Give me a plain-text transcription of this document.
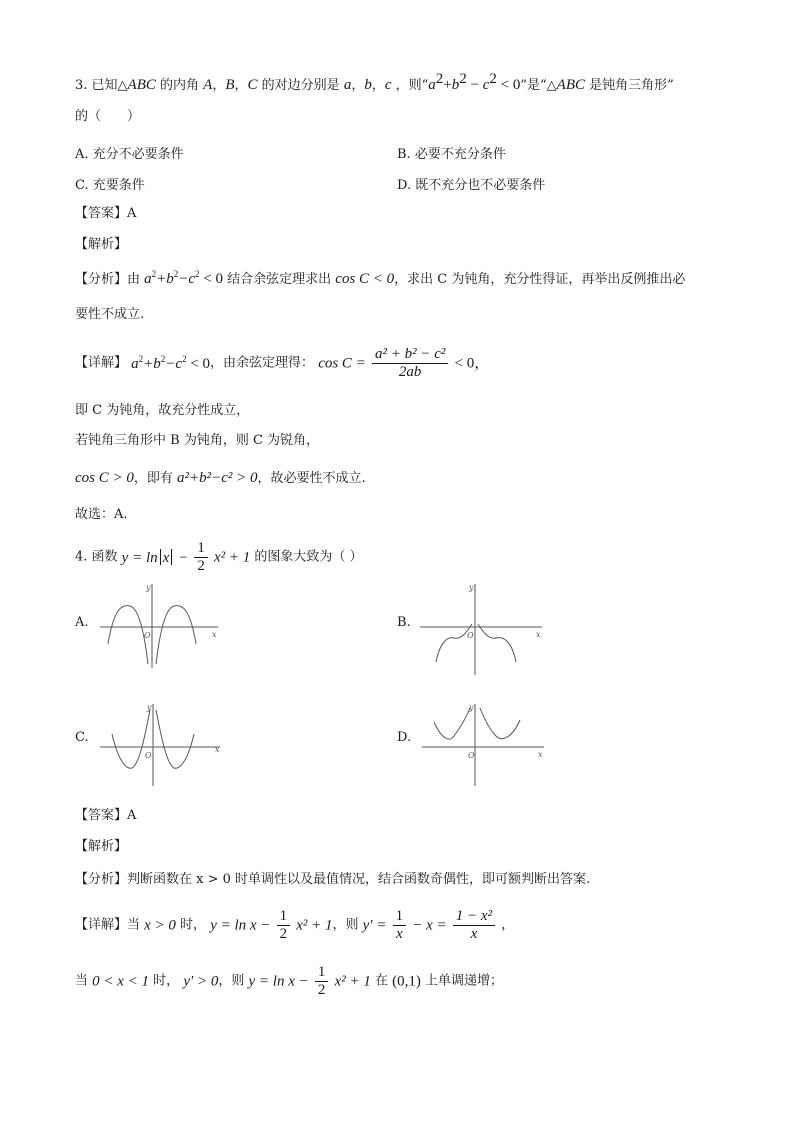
3. 已知△ABC 的内角 A，B，C 的对边分别是 a，b，c ，则“$a^2+b^2 - c^2 < 0$”是“△ABC 是钝角三角形”
的（　　）
A. 充分不必要条件	B. 必要不充分条件
C. 充要条件	D. 既不充分也不必要条件
【答案】A
【解析】
【分析】由 $a^2+b^2-c^2 < 0$ 结合余弦定理求出 cos C < 0，求出 C 为钝角，充分性得证，再举出反例推出必
要性不成立.
【详解】 $a^2+b^2-c^2 < 0$，由余弦定理得： $\cos C = \frac{\text{a² + b² − c²}}{2ab} < 0$，
即 C 为钝角，故充分性成立，
若钝角三角形中 B 为钝角，则 C 为锐角，
cos C > 0，即有 a²+b²−c² > 0，故必要性不成立.
故选：A.
4. 函数 $y = \ln x - \frac{1}{2} x^2 + 1$ 的图象大致为（ ）
A.	B.
C.	D.
y
x
O
y
x
O
y
x
O
y
x
O
【答案】A
【解析】
【分析】判断函数在 x > 0 时单调性以及最值情况，结合函数奇偶性，即可额判断出答案.
【详解】当 x > 0 时， $y = \ln x - \frac{1}{2} x^2 + 1$，则 $y' = \frac{1}{x} - x = \frac{\text{1 − x²}}{x}$ ，
当 0 < x < 1 时， y′ > 0，则 $y = \ln x - \frac{1}{2} x^2 + 1$ 在 (0,1) 上单调递增；
